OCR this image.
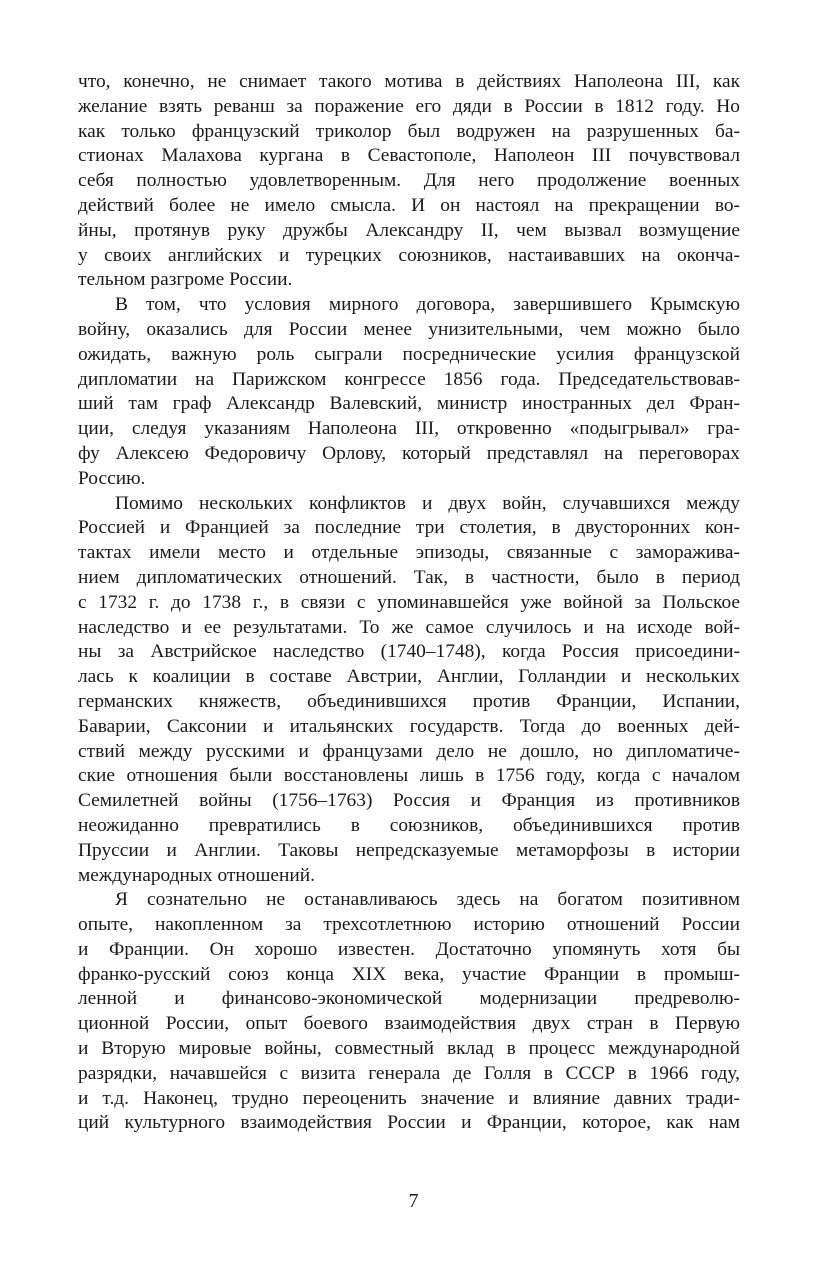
что, конечно, не снимает такого мотива в действиях Наполеона III, как
желание взять реванш за поражение его дяди в России в 1812 году. Но
как только французский триколор был водружен на разрушенных ба-
стионах Малахова кургана в Севастополе, Наполеон III почувствовал
себя полностью удовлетворенным. Для него продолжение военных
действий более не имело смысла. И он настоял на прекращении во-
йны, протянув руку дружбы Александру II, чем вызвал возмущение
у своих английских и турецких союзников, настаивавших на оконча-
тельном разгроме России.
В том, что условия мирного договора, завершившего Крымскую
войну, оказались для России менее унизительными, чем можно было
ожидать, важную роль сыграли посреднические усилия французской
дипломатии на Парижском конгрессе 1856 года. Председательствовав-
ший там граф Александр Валевский, министр иностранных дел Фран-
ции, следуя указаниям Наполеона III, откровенно «подыгрывал» гра-
фу Алексею Федоровичу Орлову, который представлял на переговорах
Россию.
Помимо нескольких конфликтов и двух войн, случавшихся между
Россией и Францией за последние три столетия, в двусторонних кон-
тактах имели место и отдельные эпизоды, связанные с заморажива-
нием дипломатических отношений. Так, в частности, было в период
с 1732 г. до 1738 г., в связи с упоминавшейся уже войной за Польское
наследство и ее результатами. То же самое случилось и на исходе вой-
ны за Австрийское наследство (1740–1748), когда Россия присоедини-
лась к коалиции в составе Австрии, Англии, Голландии и нескольких
германских княжеств, объединившихся против Франции, Испании,
Баварии, Саксонии и итальянских государств. Тогда до военных дей-
ствий между русскими и французами дело не дошло, но дипломатиче-
ские отношения были восстановлены лишь в 1756 году, когда с началом
Семилетней войны (1756–1763) Россия и Франция из противников
неожиданно превратились в союзников, объединившихся против
Пруссии и Англии. Таковы непредсказуемые метаморфозы в истории
международных отношений.
Я сознательно не останавливаюсь здесь на богатом позитивном
опыте, накопленном за трехсотлетнюю историю отношений России
и Франции. Он хорошо известен. Достаточно упомянуть хотя бы
франко-русский союз конца XIX века, участие Франции в промыш-
ленной и финансово-экономической модернизации предреволю-
ционной России, опыт боевого взаимодействия двух стран в Первую
и Вторую мировые войны, совместный вклад в процесс международной
разрядки, начавшейся с визита генерала де Голля в СССР в 1966 году,
и т.д. Наконец, трудно переоценить значение и влияние давних тради-
ций культурного взаимодействия России и Франции, которое, как нам
7
